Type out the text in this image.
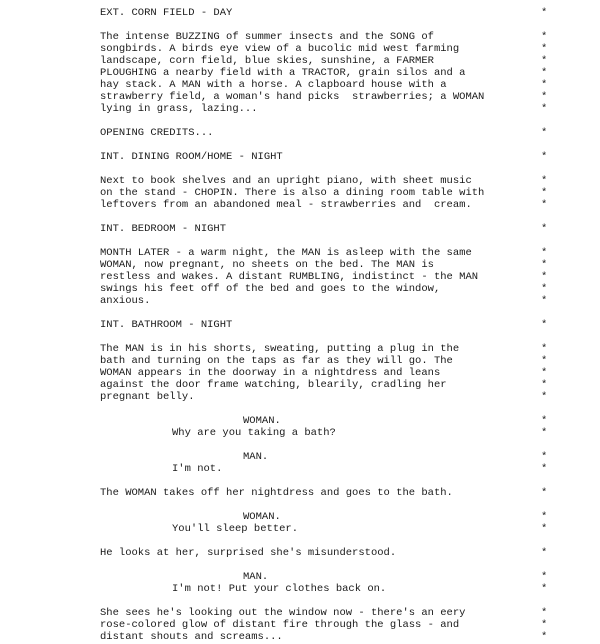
EXT. CORN FIELD - DAY
The intense BUZZING of summer insects and the SONG of
songbirds. A birds eye view of a bucolic mid west farming
landscape, corn field, blue skies, sunshine, a FARMER
PLOUGHING a nearby field with a TRACTOR, grain silos and a
hay stack. A MAN with a horse. A clapboard house with a
strawberry field, a woman's hand picks  strawberries; a WOMAN
lying in grass, lazing...
OPENING CREDITS...
INT. DINING ROOM/HOME - NIGHT
Next to book shelves and an upright piano, with sheet music
on the stand - CHOPIN. There is also a dining room table with
leftovers from an abandoned meal - strawberries and  cream.
INT. BEDROOM - NIGHT
MONTH LATER - a warm night, the MAN is asleep with the same
WOMAN, now pregnant, no sheets on the bed. The MAN is
restless and wakes. A distant RUMBLING, indistinct - the MAN
swings his feet off of the bed and goes to the window,
anxious.
INT. BATHROOM - NIGHT
The MAN is in his shorts, sweating, putting a plug in the
bath and turning on the taps as far as they will go. The
WOMAN appears in the doorway in a nightdress and leans
against the door frame watching, blearily, cradling her
pregnant belly.
WOMAN.
Why are you taking a bath?
MAN.
I'm not.
The WOMAN takes off her nightdress and goes to the bath.
WOMAN.
You'll sleep better.
He looks at her, surprised she's misunderstood.
MAN.
I'm not! Put your clothes back on.
She sees he's looking out the window now - there's an eery
rose-colored glow of distant fire through the glass - and
distant shouts and screams...
*
*
*
*
*
*
*
*
*
*
*
*
*
*
*
*
*
*
*
*
*
*
*
*
*
*
*
*
*
*
*
*
*
*
*
*
*
*
